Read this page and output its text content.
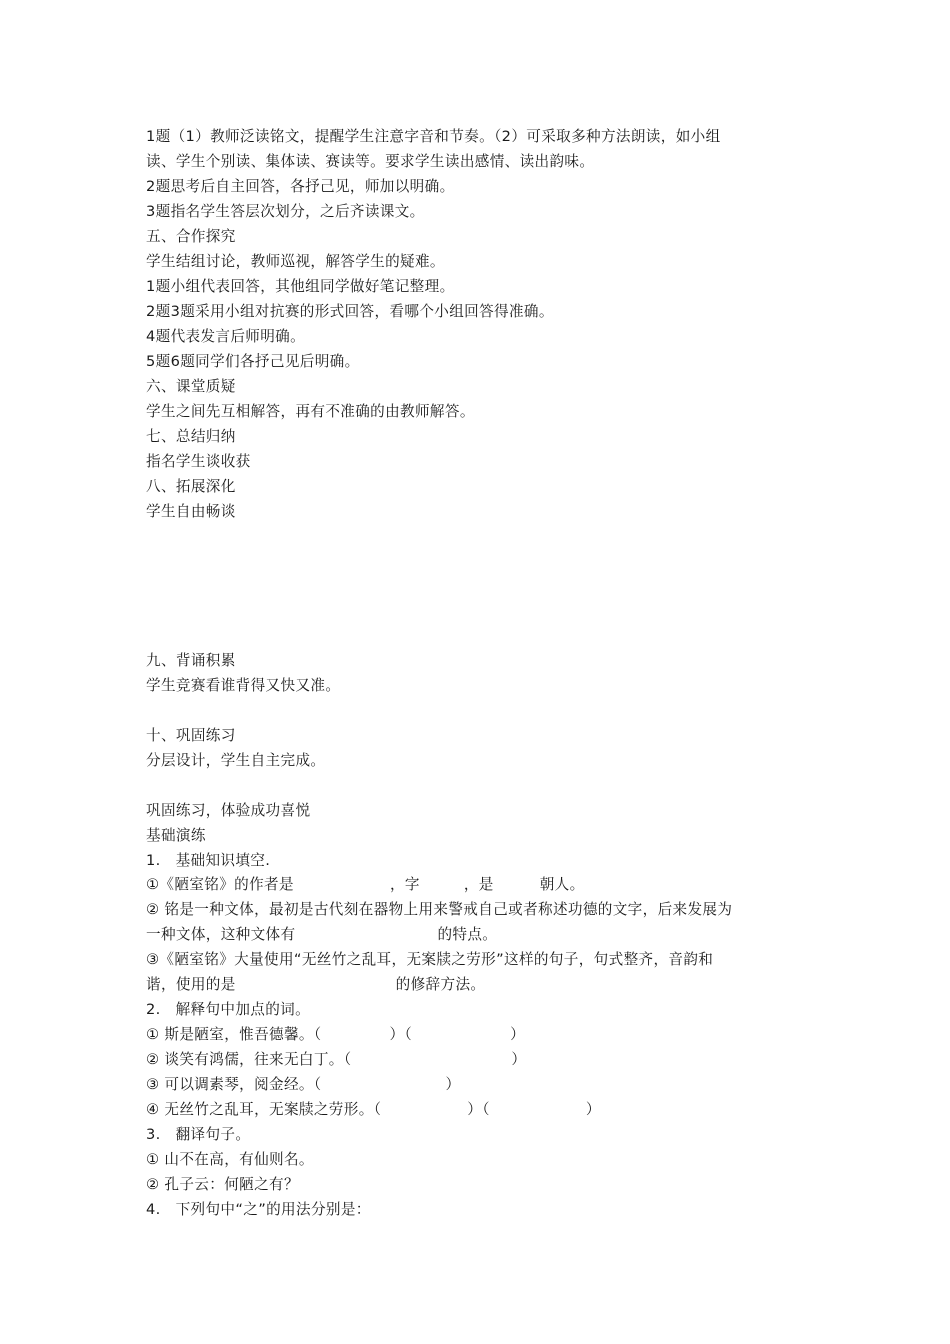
1题（1）教师泛读铭文，提醒学生注意字音和节奏。（2）可采取多种方法朗读，如小组
读、学生个别读、集体读、赛读等。要求学生读出感情、读出韵味。
2题思考后自主回答，各抒己见，师加以明确。
3题指名学生答层次划分，之后齐读课文。
五、合作探究
学生结组讨论，教师巡视，解答学生的疑难。
1题小组代表回答，其他组同学做好笔记整理。
2题3题采用小组对抗赛的形式回答，看哪个小组回答得准确。
4题代表发言后师明确。
5题6题同学们各抒己见后明确。
六、课堂质疑
学生之间先互相解答，再有不准确的由教师解答。
七、总结归纳
指名学生谈收获
八、拓展深化
学生自由畅谈
九、背诵积累
学生竞赛看谁背得又快又准。
十、巩固练习
分层设计，学生自主完成。
巩固练习，体验成功喜悦
基础演练
1.　基础知识填空.
①《陋室铭》的作者是	，字	，是	朝人。
② 铭是一种文体，最初是古代刻在器物上用来警戒自己或者称述功德的文字，后来发展为
一种文体，这种文体有	的特点。
③《陋室铭》大量使用“无丝竹之乱耳，无案牍之劳形”这样的句子，句式整齐，音韵和
谐，使用的是	的修辞方法。
2.　解释句中加点的词。
① 斯是陋室，惟吾德馨。（	）（	）
② 谈笑有鸿儒，往来无白丁。（	）
③ 可以调素琴，阅金经。（	）
④ 无丝竹之乱耳，无案牍之劳形。（	）（	）
3.　翻译句子。
① 山不在高，有仙则名。
② 孔子云：何陋之有？
4.　下列句中“之”的用法分别是：
